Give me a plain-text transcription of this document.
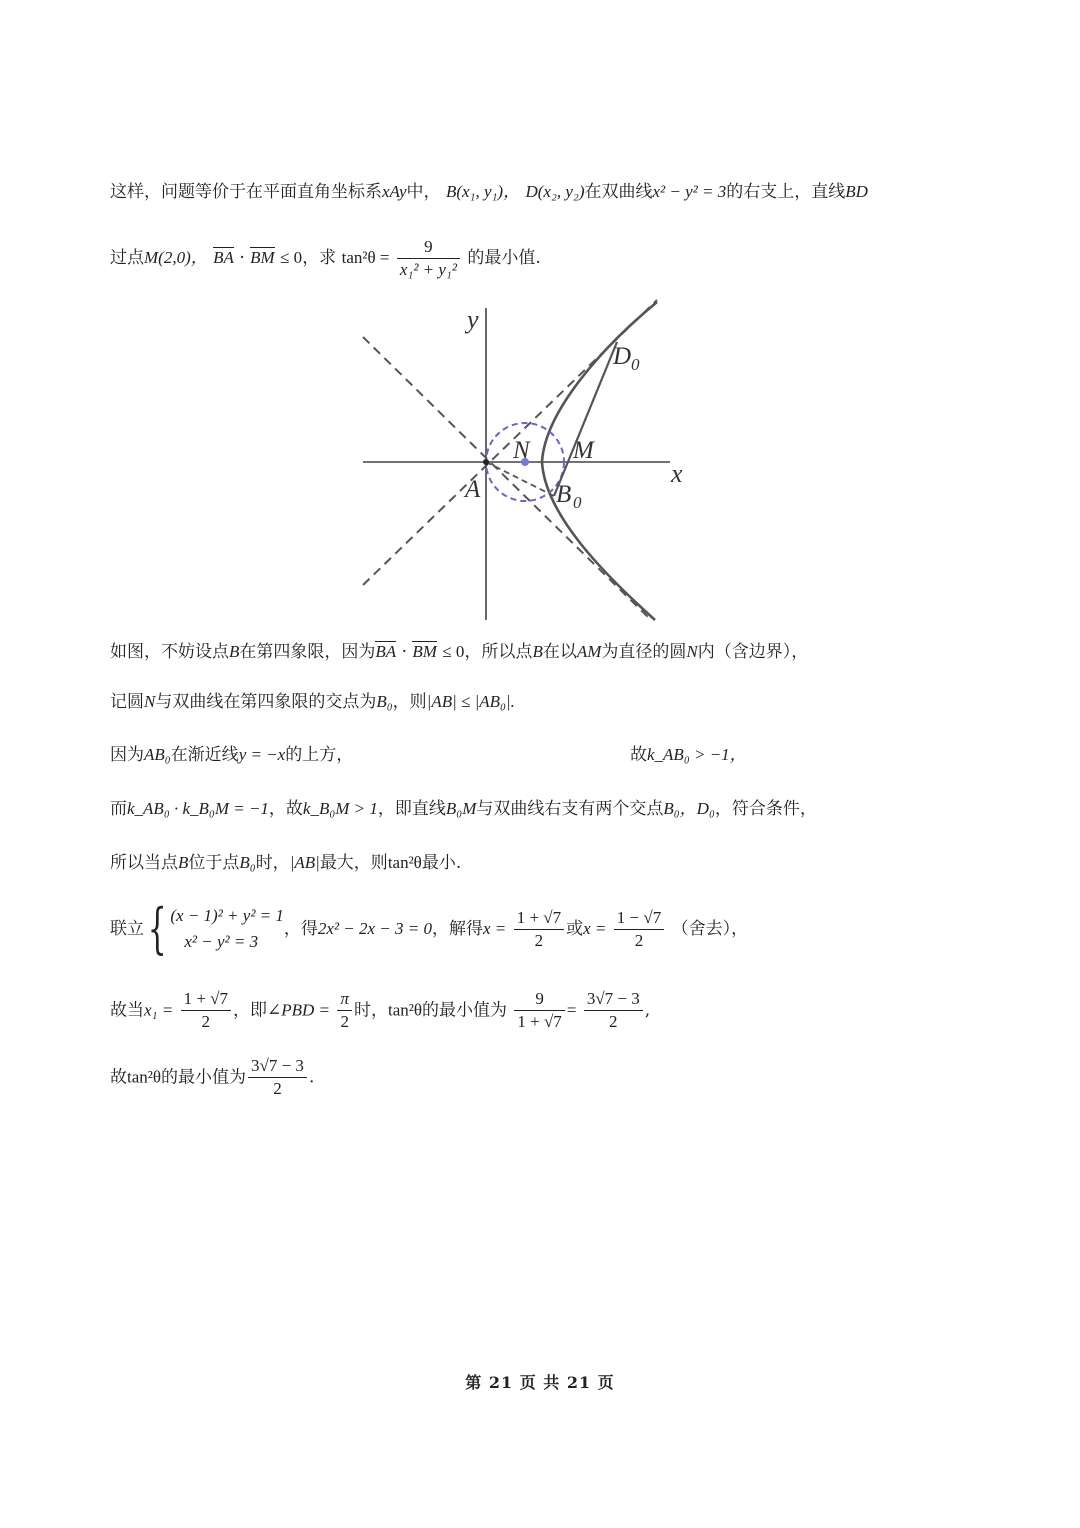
这样，问题等价于在平面直角坐标系xAy中， B(x₁, y₁)， D(x₂, y₂)在双曲线x² − y² = 3的右支上，直线BD
过点M(2,0)， BA · BM ≤ 0，求 $\tan^2\theta = \frac{9}{\text{x₁² + y₁²}}$ 的最小值.
y
x
A
N M
B 0
D 0
如图，不妨设点B在第四象限，因为BA · BM ≤ 0，所以点B在以AM为直径的圆N内（含边界），
记圆N与双曲线在第四象限的交点为B₀，则|AB| ≤ |AB₀|.
因为AB₀在渐近线y = −x的上方，	故k_AB₀ > −1，
而k_AB₀ · k_B₀M = −1，故k_B₀M > 1，即直线B₀M与双曲线右支有两个交点B₀，D₀，符合条件，
所以当点B位于点B₀时，|AB|最大，则tan²θ最小.
联立{ (x − 1)² + y² = 1
x² − y² = 3
，得2x² − 2x − 3 = 0，解得$x = \frac{1 + √7}{2}$ 或$x = \frac{1 - √7}{2}$ （舍去），
故当$x_1 = \frac{1 + √7}{2}$ ，即∠PBD = $\frac{\pi}{2}$ 时，tan²θ的最小值为 $\frac{9}{1 + √7} = \frac{3√7 - 3}{2}$ ,
故tan²θ的最小值为 $\frac{3√7 - 3}{2}$ .
第 21 页 共 21 页
